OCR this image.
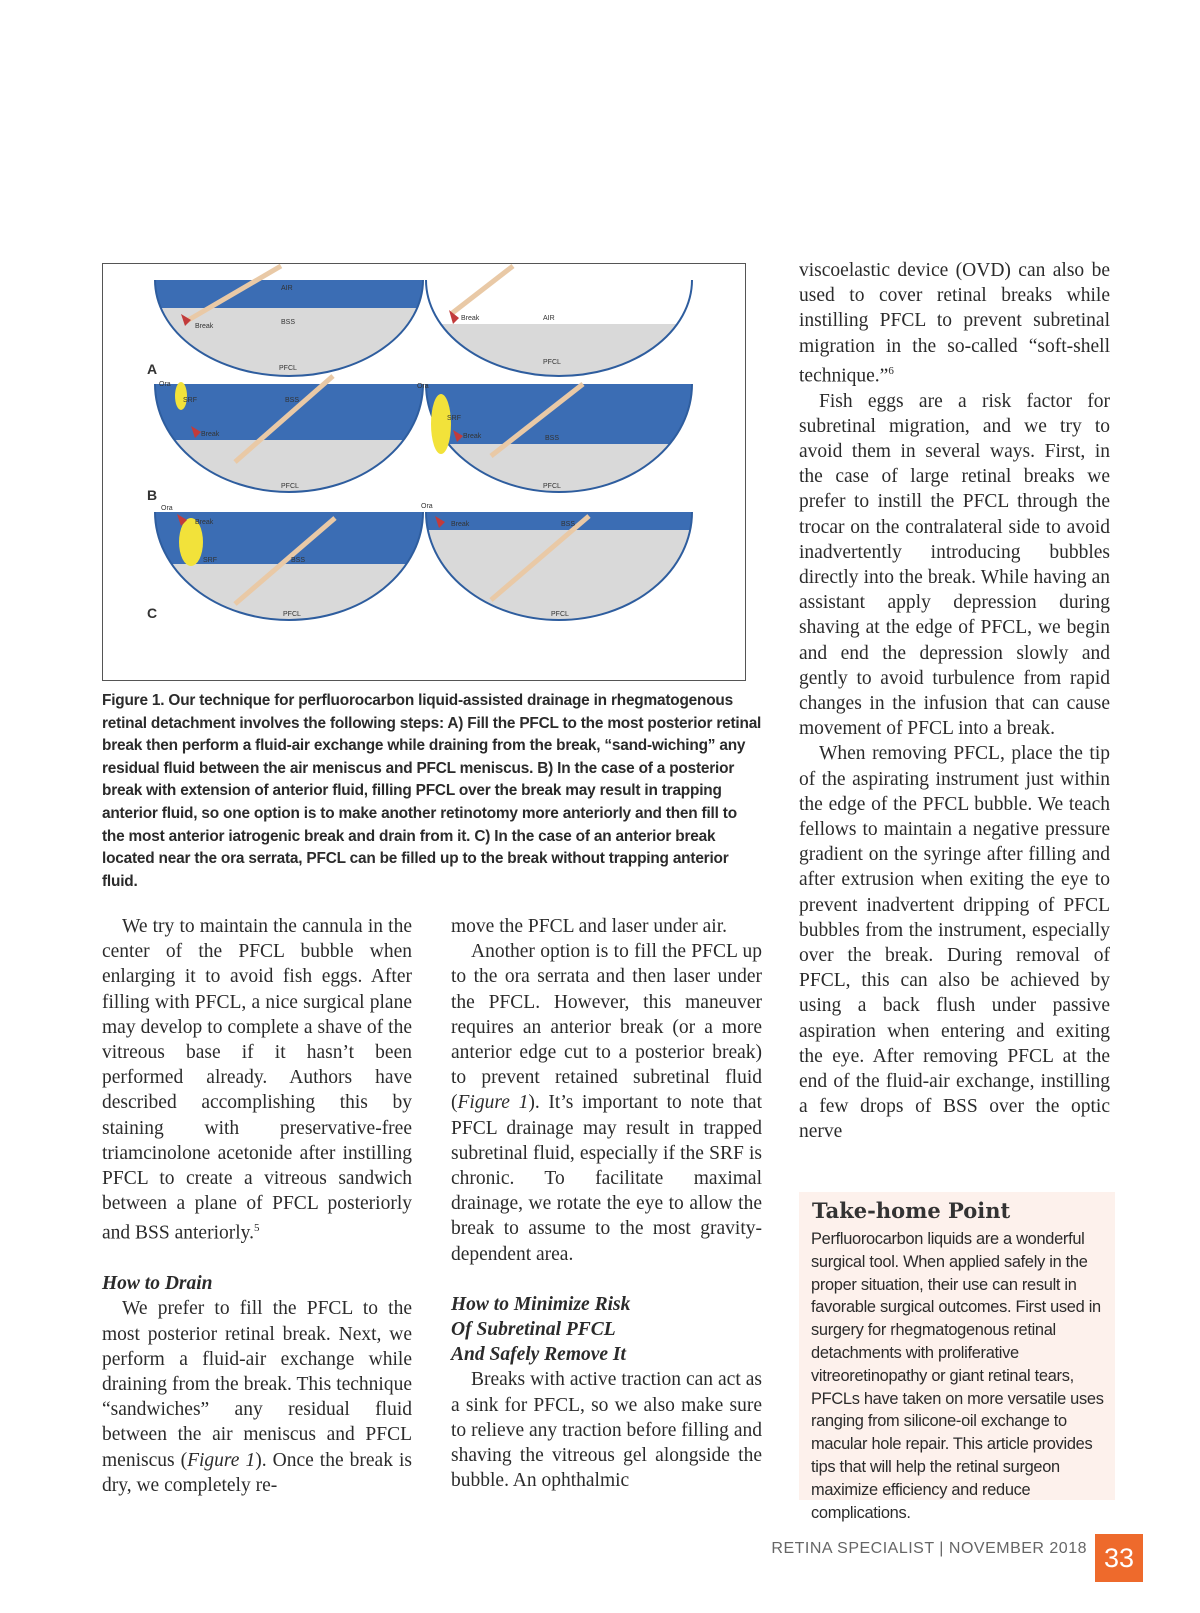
AIR
Break
BSS
PFCL
Break	AIR
PFCL
Ora
SRF
Break
BSS
PFCL
Ora
SRF
Break	BSS
PFCL
Ora
Break
SRF	BSS
PFCL
Ora
Break	BSS
PFCL
A
B
C
Figure 1. Our technique for perfluorocarbon liquid-assisted drainage in rhegmatogenous retinal detachment involves the following steps: A) Fill the PFCL to the most posterior retinal break then perform a fluid-air exchange while draining from the break, “sand-wiching” any residual fluid between the air meniscus and PFCL meniscus. B) In the case of a posterior break with extension of anterior fluid, filling PFCL over the break may result in trapping anterior fluid, so one option is to make another retinotomy more anteriorly and then fill to the most anterior iatrogenic break and drain from it. C) In the case of an anterior break located near the ora serrata, PFCL can be filled up to the break without trapping anterior fluid.

We try to maintain the cannula in the center of the PFCL bubble when enlarging it to avoid fish eggs. After filling with PFCL, a nice surgical plane may develop to complete a shave of the vitreous base if it hasn’t been performed already. Authors have described accomplishing this by staining with preservative-free triamcinolone acetonide after instilling PFCL to create a vitreous sandwich between a plane of PFCL posteriorly and BSS anteriorly.$^5$

How to Drain

We prefer to fill the PFCL to the most posterior retinal break. Next, we perform a fluid-air exchange while draining from the break. This technique “sandwiches” any residual fluid between the air meniscus and PFCL meniscus (Figure 1). Once the break is dry, we completely re-

move the PFCL and laser under air.

Another option is to fill the PFCL up to the ora serrata and then laser under the PFCL. However, this maneuver requires an anterior break (or a more anterior edge cut to a posterior break) to prevent retained subretinal fluid (Figure 1). It’s important to note that PFCL drainage may result in trapped subretinal fluid, especially if the SRF is chronic. To facilitate maximal drainage, we rotate the eye to allow the break to assume to the most gravity-dependent area.

How to Minimize Risk
Of Subretinal PFCL
And Safely Remove It

Breaks with active traction can act as a sink for PFCL, so we also make sure to relieve any traction before filling and shaving the vitreous gel alongside the bubble. An ophthalmic

viscoelastic device (OVD) can also be used to cover retinal breaks while instilling PFCL to prevent subretinal migration in the so-called “soft-shell technique.”$^6$

Fish eggs are a risk factor for subretinal migration, and we try to avoid them in several ways. First, in the case of large retinal breaks we prefer to instill the PFCL through the trocar on the contralateral side to avoid inadvertently introducing bubbles directly into the break. While having an assistant apply depression during shaving at the edge of PFCL, we begin and end the depression slowly and gently to avoid turbulence from rapid changes in the infusion that can cause movement of PFCL into a break.

When removing PFCL, place the tip of the aspirating instrument just within the edge of the PFCL bubble. We teach fellows to maintain a negative pressure gradient on the syringe after filling and after extrusion when exiting the eye to prevent inadvertent dripping of PFCL bubbles from the instrument, especially over the break. During removal of PFCL, this can also be achieved by using a back flush under passive aspiration when entering and exiting the eye. After removing PFCL at the end of the fluid-air exchange, instilling a few drops of BSS over the optic nerve

Take-home Point
Perfluorocarbon liquids are a wonderful surgical tool. When applied safely in the proper situation, their use can result in favorable surgical outcomes. First used in surgery for rhegmatogenous retinal detachments with proliferative vitreoretinopathy or giant retinal tears, PFCLs have taken on more versatile uses ranging from silicone-oil exchange to macular hole repair. This article provides tips that will help the retinal surgeon maximize efficiency and reduce complications.
RETINA SPECIALIST | NOVEMBER 2018 33
